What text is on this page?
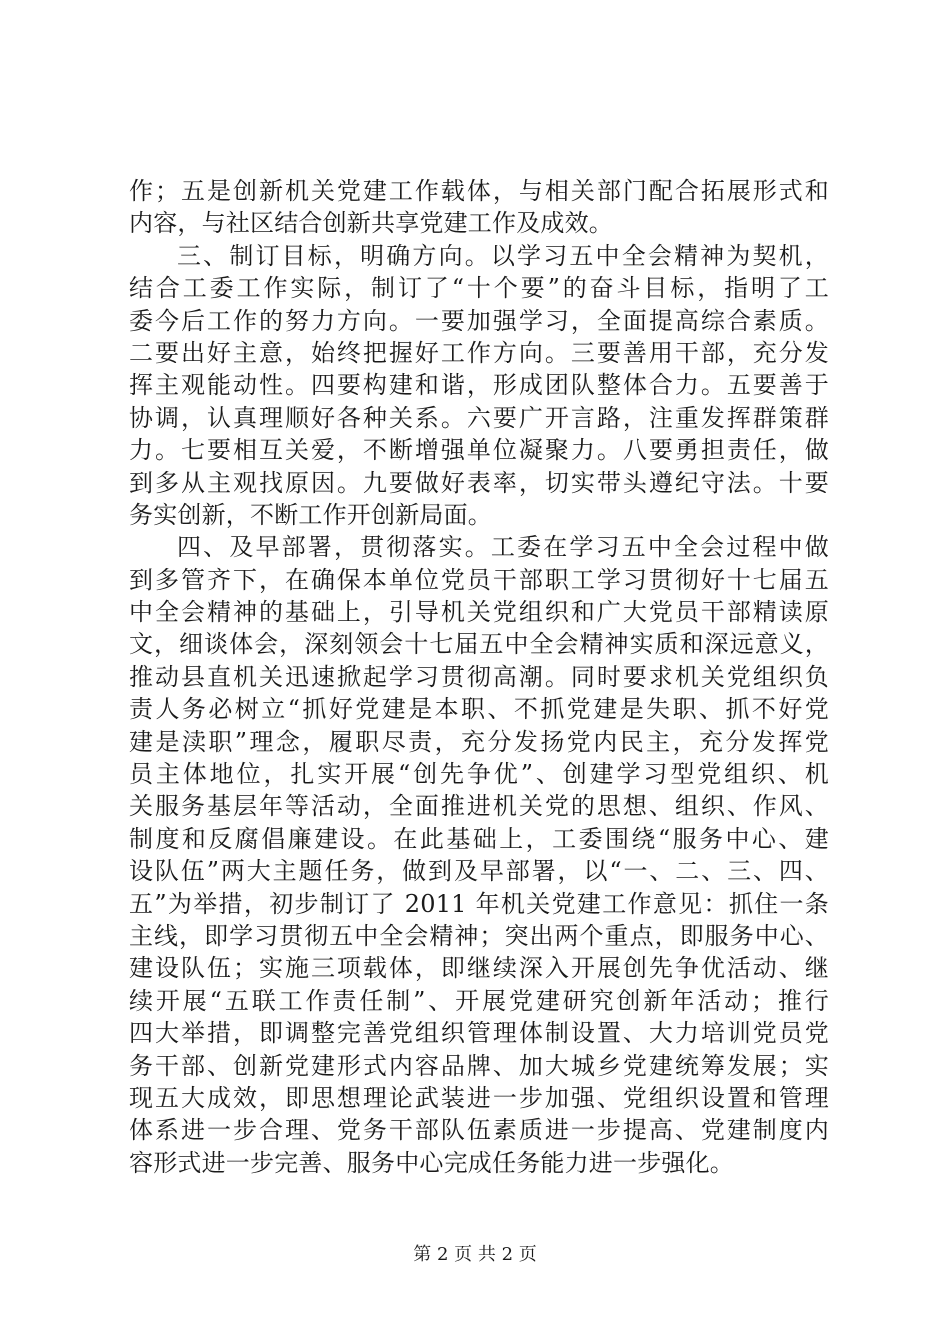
作；五是创新机关党建工作载体，与相关部门配合拓展形式和
内容，与社区结合创新共享党建工作及成效。
三、制订目标，明确方向。以学习五中全会精神为契机，
结合工委工作实际，制订了“十个要”的奋斗目标，指明了工
委今后工作的努力方向。一要加强学习，全面提高综合素质。
二要出好主意，始终把握好工作方向。三要善用干部，充分发
挥主观能动性。四要构建和谐，形成团队整体合力。五要善于
协调，认真理顺好各种关系。六要广开言路，注重发挥群策群
力。七要相互关爱，不断增强单位凝聚力。八要勇担责任，做
到多从主观找原因。九要做好表率，切实带头遵纪守法。十要
务实创新，不断工作开创新局面。
四、及早部署，贯彻落实。工委在学习五中全会过程中做
到多管齐下，在确保本单位党员干部职工学习贯彻好十七届五
中全会精神的基础上，引导机关党组织和广大党员干部精读原
文，细谈体会，深刻领会十七届五中全会精神实质和深远意义，
推动县直机关迅速掀起学习贯彻高潮。同时要求机关党组织负
责人务必树立“抓好党建是本职、不抓党建是失职、抓不好党
建是渎职”理念，履职尽责，充分发扬党内民主，充分发挥党
员主体地位，扎实开展“创先争优”、创建学习型党组织、机
关服务基层年等活动，全面推进机关党的思想、组织、作风、
制度和反腐倡廉建设。在此基础上，工委围绕“服务中心、建
设队伍”两大主题任务，做到及早部署，以“一、二、三、四、
五”为举措，初步制订了 2011 年机关党建工作意见：抓住一条
主线，即学习贯彻五中全会精神；突出两个重点，即服务中心、
建设队伍；实施三项载体，即继续深入开展创先争优活动、继
续开展“五联工作责任制”、开展党建研究创新年活动；推行
四大举措，即调整完善党组织管理体制设置、大力培训党员党
务干部、创新党建形式内容品牌、加大城乡党建统筹发展；实
现五大成效，即思想理论武装进一步加强、党组织设置和管理
体系进一步合理、党务干部队伍素质进一步提高、党建制度内
容形式进一步完善、服务中心完成任务能力进一步强化。
第 2 页 共 2 页
